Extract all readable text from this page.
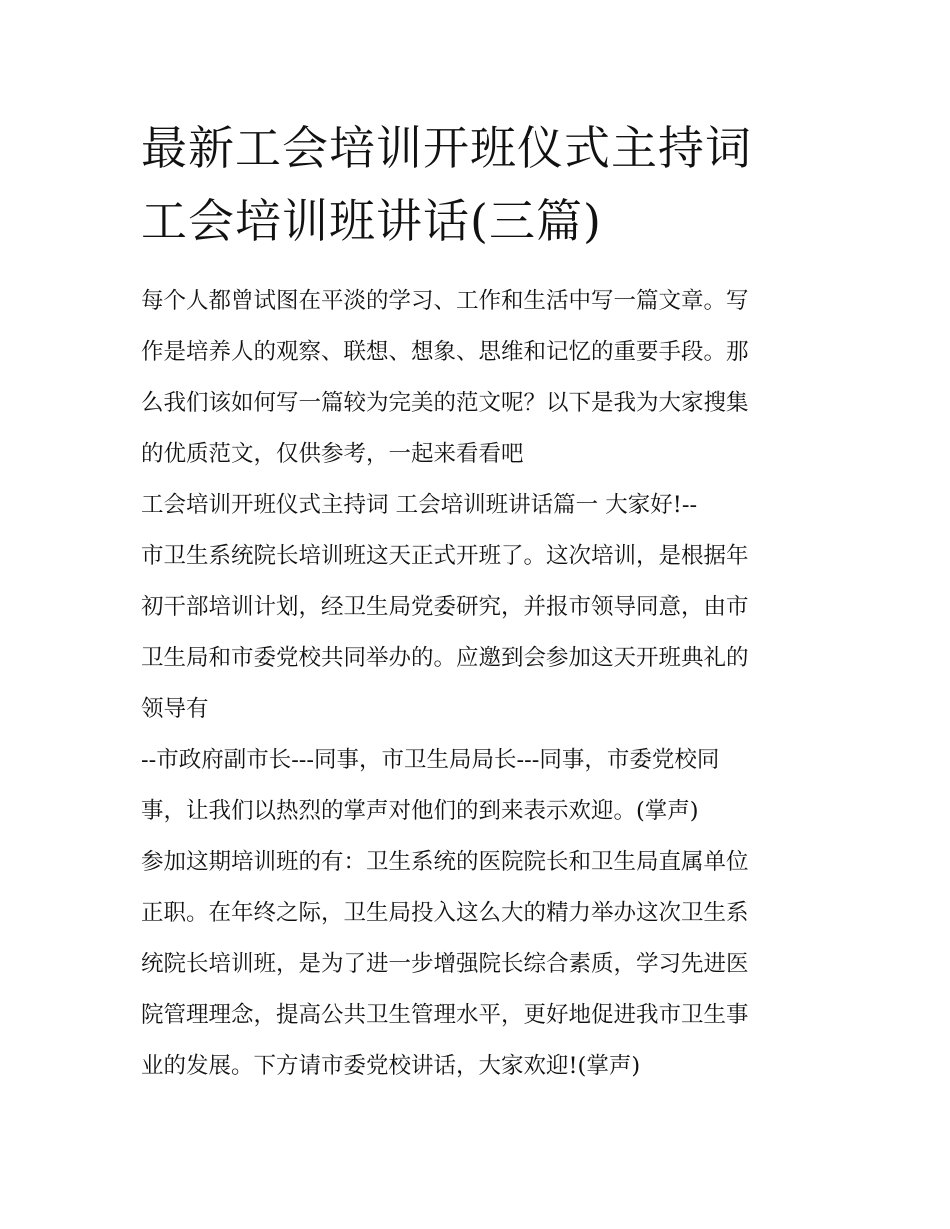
最新工会培训开班仪式主持词
工会培训班讲话(三篇)

每个人都曾试图在平淡的学习、工作和生活中写一篇文章。写
作是培养人的观察、联想、想象、思维和记忆的重要手段。那
么我们该如何写一篇较为完美的范文呢？以下是我为大家搜集
的优质范文，仅供参考，一起来看看吧

工会培训开班仪式主持词 工会培训班讲话篇一 大家好!--
市卫生系统院长培训班这天正式开班了。这次培训，是根据年
初干部培训计划，经卫生局党委研究，并报市领导同意，由市
卫生局和市委党校共同举办的。应邀到会参加这天开班典礼的
领导有

--市政府副市长---同事，市卫生局局长---同事，市委党校同
事，让我们以热烈的掌声对他们的到来表示欢迎。(掌声)

参加这期培训班的有：卫生系统的医院院长和卫生局直属单位
正职。在年终之际，卫生局投入这么大的精力举办这次卫生系
统院长培训班，是为了进一步增强院长综合素质，学习先进医
院管理理念，提高公共卫生管理水平，更好地促进我市卫生事
业的发展。下方请市委党校讲话，大家欢迎!(掌声)
